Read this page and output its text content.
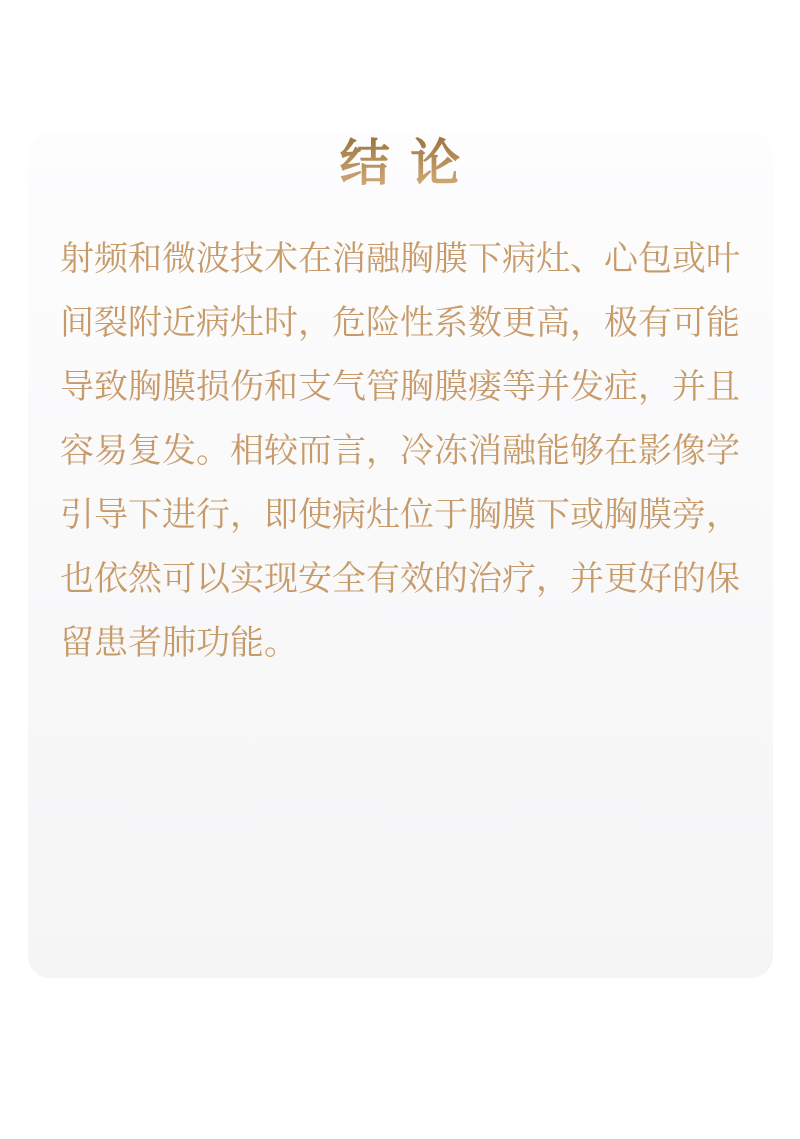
结 论

射频和微波技术在消融胸膜下病灶、心包或叶间裂附近病灶时，危险性系数更高，极有可能导致胸膜损伤和支气管胸膜瘘等并发症，并且容易复发。相较而言，冷冻消融能够在影像学引导下进行，即使病灶位于胸膜下或胸膜旁，也依然可以实现安全有效的治疗，并更好的保留患者肺功能。
